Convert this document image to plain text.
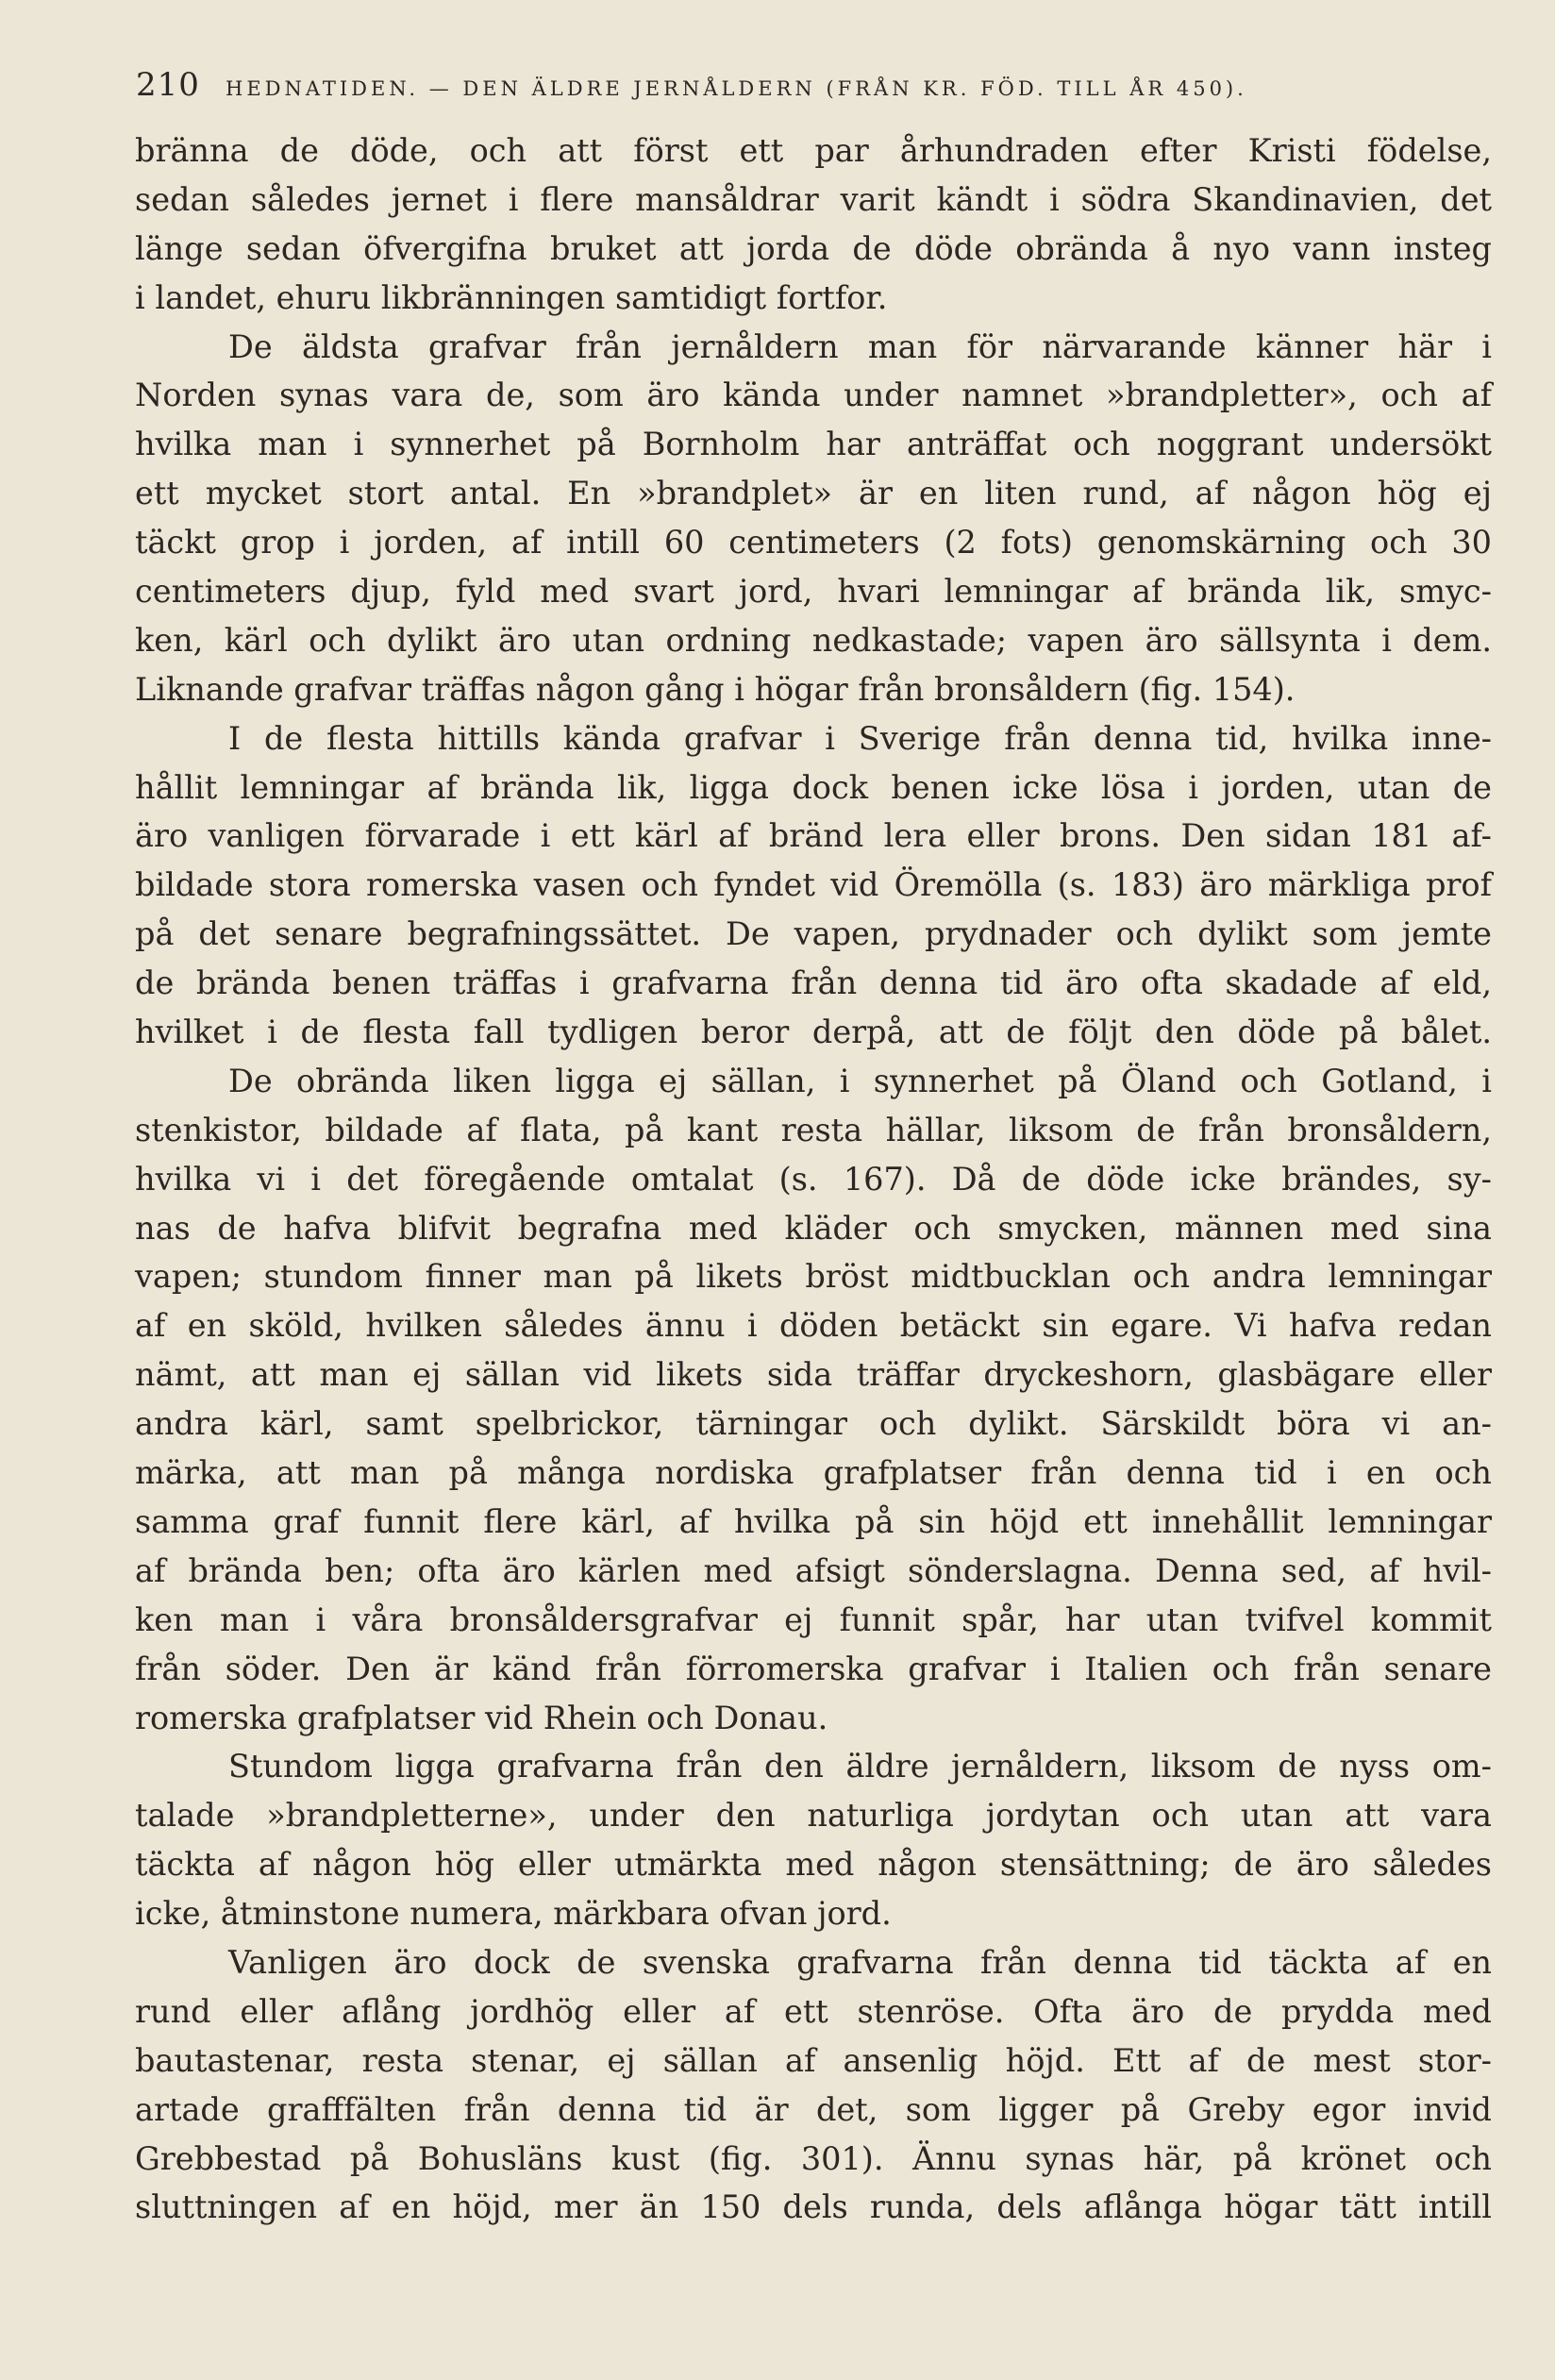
210 HEDNATIDEN. — DEN ÄLDRE JERNÅLDERN (FRÅN KR. FÖD. TILL ÅR 450).
bränna de döde, och att först ett par århundraden efter Kristi födelse,
sedan således jernet i flere mansåldrar varit kändt i södra Skandinavien, det
länge sedan öfvergifna bruket att jorda de döde obrända å nyo vann insteg
i landet, ehuru likbränningen samtidigt fortfor.
De äldsta grafvar från jernåldern man för närvarande känner här i
Norden synas vara de, som äro kända under namnet »brandpletter», och af
hvilka man i synnerhet på Bornholm har anträffat och noggrant undersökt
ett mycket stort antal. En »brandplet» är en liten rund, af någon hög ej
täckt grop i jorden, af intill 60 centimeters (2 fots) genomskärning och 30
centimeters djup, fyld med svart jord, hvari lemningar af brända lik, smyc-
ken, kärl och dylikt äro utan ordning nedkastade; vapen äro sällsynta i dem.
Liknande grafvar träffas någon gång i högar från bronsåldern (fig. 154).
I de flesta hittills kända grafvar i Sverige från denna tid, hvilka inne-
hållit lemningar af brända lik, ligga dock benen icke lösa i jorden, utan de
äro vanligen förvarade i ett kärl af bränd lera eller brons. Den sidan 181 af-
bildade stora romerska vasen och fyndet vid Öremölla (s. 183) äro märkliga prof
på det senare begrafningssättet. De vapen, prydnader och dylikt som jemte
de brända benen träffas i grafvarna från denna tid äro ofta skadade af eld,
hvilket i de flesta fall tydligen beror derpå, att de följt den döde på bålet.
De obrända liken ligga ej sällan, i synnerhet på Öland och Gotland, i
stenkistor, bildade af flata, på kant resta hällar, liksom de från bronsåldern,
hvilka vi i det föregående omtalat (s. 167). Då de döde icke brändes, sy-
nas de hafva blifvit begrafna med kläder och smycken, männen med sina
vapen; stundom finner man på likets bröst midtbucklan och andra lemningar
af en sköld, hvilken således ännu i döden betäckt sin egare. Vi hafva redan
nämt, att man ej sällan vid likets sida träffar dryckeshorn, glasbägare eller
andra kärl, samt spelbrickor, tärningar och dylikt. Särskildt böra vi an-
märka, att man på många nordiska grafplatser från denna tid i en och
samma graf funnit flere kärl, af hvilka på sin höjd ett innehållit lemningar
af brända ben; ofta äro kärlen med afsigt sönderslagna. Denna sed, af hvil-
ken man i våra bronsåldersgrafvar ej funnit spår, har utan tvifvel kommit
från söder. Den är känd från förromerska grafvar i Italien och från senare
romerska grafplatser vid Rhein och Donau.
Stundom ligga grafvarna från den äldre jernåldern, liksom de nyss om-
talade »brandpletterne», under den naturliga jordytan och utan att vara
täckta af någon hög eller utmärkta med någon stensättning; de äro således
icke, åtminstone numera, märkbara ofvan jord.
Vanligen äro dock de svenska grafvarna från denna tid täckta af en
rund eller aflång jordhög eller af ett stenröse. Ofta äro de prydda med
bautastenar, resta stenar, ej sällan af ansenlig höjd. Ett af de mest stor-
artade grafffälten från denna tid är det, som ligger på Greby egor invid
Grebbestad på Bohusläns kust (fig. 301). Ännu synas här, på krönet och
sluttningen af en höjd, mer än 150 dels runda, dels aflånga högar tätt intill
